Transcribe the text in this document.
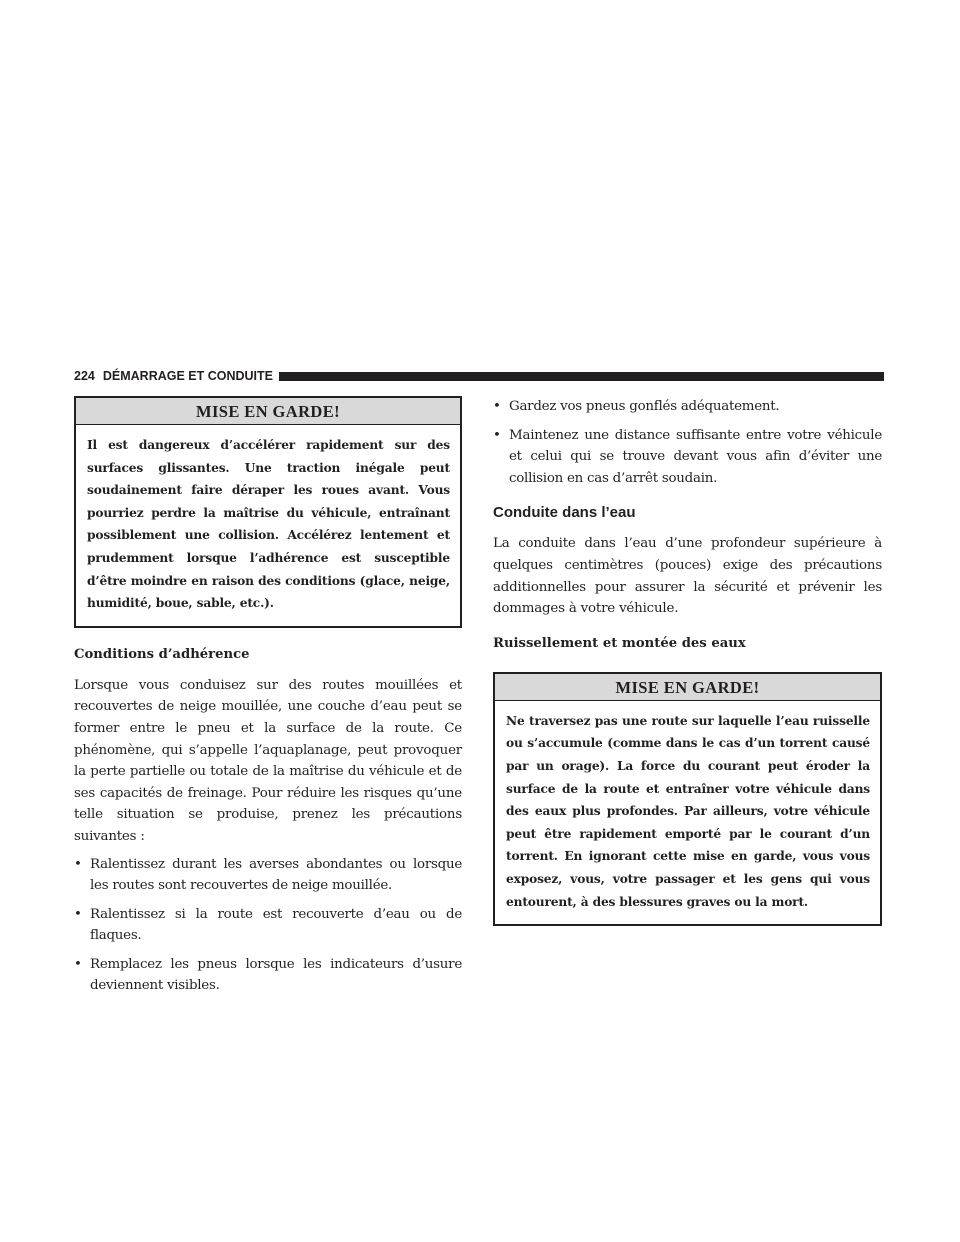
224 DÉMARRAGE ET CONDUITE
MISE EN GARDE!
Il est dangereux d’accélérer rapidement sur des surfaces glissantes. Une traction inégale peut soudainement faire déraper les roues avant. Vous pourriez perdre la maîtrise du véhicule, entraînant possiblement une collision. Accélérez lentement et prudemment lorsque l’adhérence est susceptible d’être moindre en raison des conditions (glace, neige, humidité, boue, sable, etc.).

Conditions d’adhérence

Lorsque vous conduisez sur des routes mouillées et recouvertes de neige mouillée, une couche d’eau peut se former entre le pneu et la surface de la route. Ce phénomène, qui s’appelle l’aquaplanage, peut provoquer la perte partielle ou totale de la maîtrise du véhicule et de ses capacités de freinage. Pour réduire les risques qu’une telle situation se produise, prenez les précautions suivantes :

• Ralentissez durant les averses abondantes ou lorsque les routes sont recouvertes de neige mouillée.
• Ralentissez si la route est recouverte d’eau ou de flaques.
• Remplacez les pneus lorsque les indicateurs d’usure deviennent visibles.
• Gardez vos pneus gonflés adéquatement.
• Maintenez une distance suffisante entre votre véhicule et celui qui se trouve devant vous afin d’éviter une collision en cas d’arrêt soudain.

Conduite dans l’eau

La conduite dans l’eau d’une profondeur supérieure à quelques centimètres (pouces) exige des précautions additionnelles pour assurer la sécurité et prévenir les dommages à votre véhicule.

Ruissellement et montée des eaux

MISE EN GARDE!
Ne traversez pas une route sur laquelle l’eau ruisselle ou s’accumule (comme dans le cas d’un torrent causé par un orage). La force du courant peut éroder la surface de la route et entraîner votre véhicule dans des eaux plus profondes. Par ailleurs, votre véhicule peut être rapidement emporté par le courant d’un torrent. En ignorant cette mise en garde, vous vous exposez, vous, votre passager et les gens qui vous entourent, à des blessures graves ou la mort.
